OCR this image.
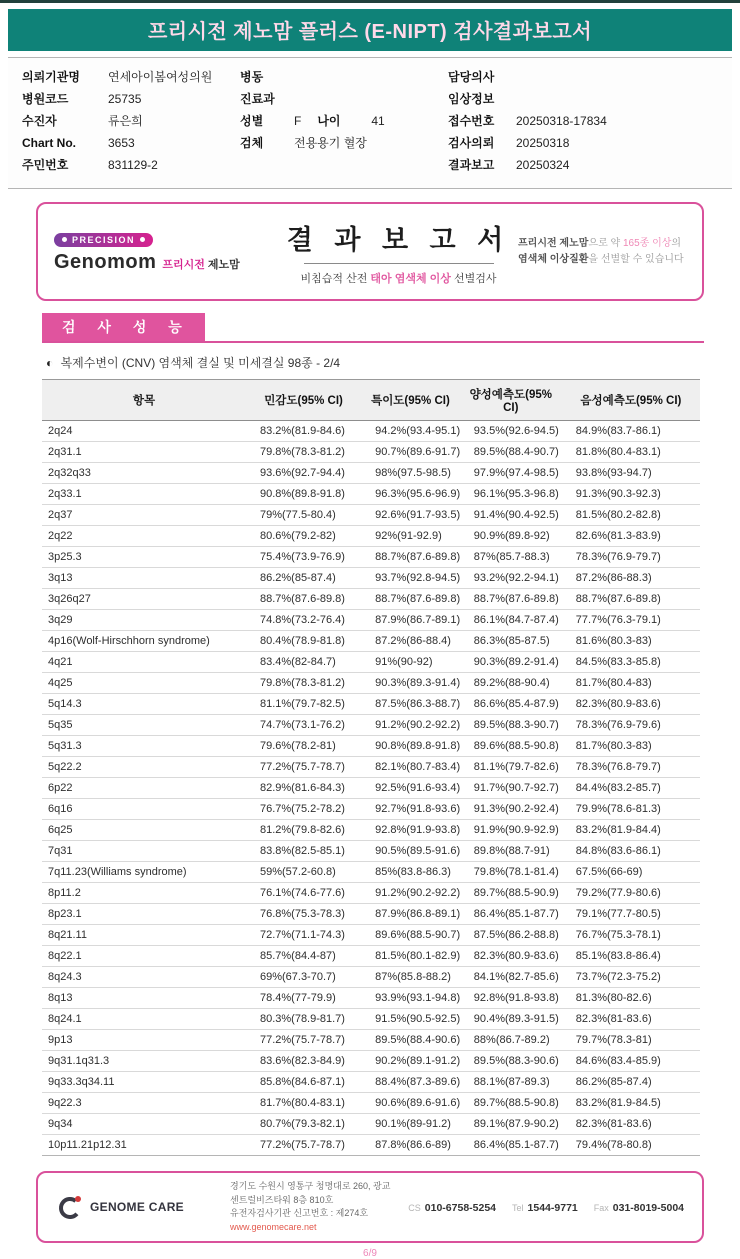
프리시전 제노맘 플러스 (E-NIPT) 검사결과보고서
의뢰기관명	연세아이봄여성의원
병원코드	25735
수진자	류은희
Chart No.	3653
주민번호	831129-2
병동
진료과
성별	F 나이	41
검체	전용용기 혈장
담당의사
임상정보
접수번호	20250318-17834
검사의뢰	20250318
결과보고	20250324
PRECISION
Genomom 프리시전 제노맘
결 과 보 고 서
비침습적 산전 태아 염색체 이상 선별검사
프리시전 제노맘으로 약 165종 이상의
염색체 이상질환을 선별할 수 있습니다
검 사 성 능
◐ 복제수변이 (CNV) 염색체 결실 및 미세결실 98종 - 2/4
항목	민감도(95% CI)	특이도(95% CI)	양성예측도(95% CI)	음성예측도(95% CI)
2q24	83.2%(81.9-84.6)	94.2%(93.4-95.1)	93.5%(92.6-94.5)	84.9%(83.7-86.1)
2q31.1	79.8%(78.3-81.2)	90.7%(89.6-91.7)	89.5%(88.4-90.7)	81.8%(80.4-83.1)
2q32q33	93.6%(92.7-94.4)	98%(97.5-98.5)	97.9%(97.4-98.5)	93.8%(93-94.7)
2q33.1	90.8%(89.8-91.8)	96.3%(95.6-96.9)	96.1%(95.3-96.8)	91.3%(90.3-92.3)
2q37	79%(77.5-80.4)	92.6%(91.7-93.5)	91.4%(90.4-92.5)	81.5%(80.2-82.8)
2q22	80.6%(79.2-82)	92%(91-92.9)	90.9%(89.8-92)	82.6%(81.3-83.9)
3p25.3	75.4%(73.9-76.9)	88.7%(87.6-89.8)	87%(85.7-88.3)	78.3%(76.9-79.7)
3q13	86.2%(85-87.4)	93.7%(92.8-94.5)	93.2%(92.2-94.1)	87.2%(86-88.3)
3q26q27	88.7%(87.6-89.8)	88.7%(87.6-89.8)	88.7%(87.6-89.8)	88.7%(87.6-89.8)
3q29	74.8%(73.2-76.4)	87.9%(86.7-89.1)	86.1%(84.7-87.4)	77.7%(76.3-79.1)
4p16(Wolf-Hirschhorn syndrome)	80.4%(78.9-81.8)	87.2%(86-88.4)	86.3%(85-87.5)	81.6%(80.3-83)
4q21	83.4%(82-84.7)	91%(90-92)	90.3%(89.2-91.4)	84.5%(83.3-85.8)
4q25	79.8%(78.3-81.2)	90.3%(89.3-91.4)	89.2%(88-90.4)	81.7%(80.4-83)
5q14.3	81.1%(79.7-82.5)	87.5%(86.3-88.7)	86.6%(85.4-87.9)	82.3%(80.9-83.6)
5q35	74.7%(73.1-76.2)	91.2%(90.2-92.2)	89.5%(88.3-90.7)	78.3%(76.9-79.6)
5q31.3	79.6%(78.2-81)	90.8%(89.8-91.8)	89.6%(88.5-90.8)	81.7%(80.3-83)
5q22.2	77.2%(75.7-78.7)	82.1%(80.7-83.4)	81.1%(79.7-82.6)	78.3%(76.8-79.7)
6p22	82.9%(81.6-84.3)	92.5%(91.6-93.4)	91.7%(90.7-92.7)	84.4%(83.2-85.7)
6q16	76.7%(75.2-78.2)	92.7%(91.8-93.6)	91.3%(90.2-92.4)	79.9%(78.6-81.3)
6q25	81.2%(79.8-82.6)	92.8%(91.9-93.8)	91.9%(90.9-92.9)	83.2%(81.9-84.4)
7q31	83.8%(82.5-85.1)	90.5%(89.5-91.6)	89.8%(88.7-91)	84.8%(83.6-86.1)
7q11.23(Williams syndrome)	59%(57.2-60.8)	85%(83.8-86.3)	79.8%(78.1-81.4)	67.5%(66-69)
8p11.2	76.1%(74.6-77.6)	91.2%(90.2-92.2)	89.7%(88.5-90.9)	79.2%(77.9-80.6)
8p23.1	76.8%(75.3-78.3)	87.9%(86.8-89.1)	86.4%(85.1-87.7)	79.1%(77.7-80.5)
8q21.11	72.7%(71.1-74.3)	89.6%(88.5-90.7)	87.5%(86.2-88.8)	76.7%(75.3-78.1)
8q22.1	85.7%(84.4-87)	81.5%(80.1-82.9)	82.3%(80.9-83.6)	85.1%(83.8-86.4)
8q24.3	69%(67.3-70.7)	87%(85.8-88.2)	84.1%(82.7-85.6)	73.7%(72.3-75.2)
8q13	78.4%(77-79.9)	93.9%(93.1-94.8)	92.8%(91.8-93.8)	81.3%(80-82.6)
8q24.1	80.3%(78.9-81.7)	91.5%(90.5-92.5)	90.4%(89.3-91.5)	82.3%(81-83.6)
9p13	77.2%(75.7-78.7)	89.5%(88.4-90.6)	88%(86.7-89.2)	79.7%(78.3-81)
9q31.1q31.3	83.6%(82.3-84.9)	90.2%(89.1-91.2)	89.5%(88.3-90.6)	84.6%(83.4-85.9)
9q33.3q34.11	85.8%(84.6-87.1)	88.4%(87.3-89.6)	88.1%(87-89.3)	86.2%(85-87.4)
9q22.3	81.7%(80.4-83.1)	90.6%(89.6-91.6)	89.7%(88.5-90.8)	83.2%(81.9-84.5)
9q34	80.7%(79.3-82.1)	90.1%(89-91.2)	89.1%(87.9-90.2)	82.3%(81-83.6)
10p11.21p12.31	77.2%(75.7-78.7)	87.8%(86.6-89)	86.4%(85.1-87.7)	79.4%(78-80.8)
GENOME CARE
경기도 수원시 영통구 청명대로 260, 광교 센트럴비즈타워 8층 810호
유전자검사기관 신고번호 : 제274호
www.genomecare.net
CS 010-6758-5254 Tel 1544-9771 Fax 031-8019-5004
6/9
